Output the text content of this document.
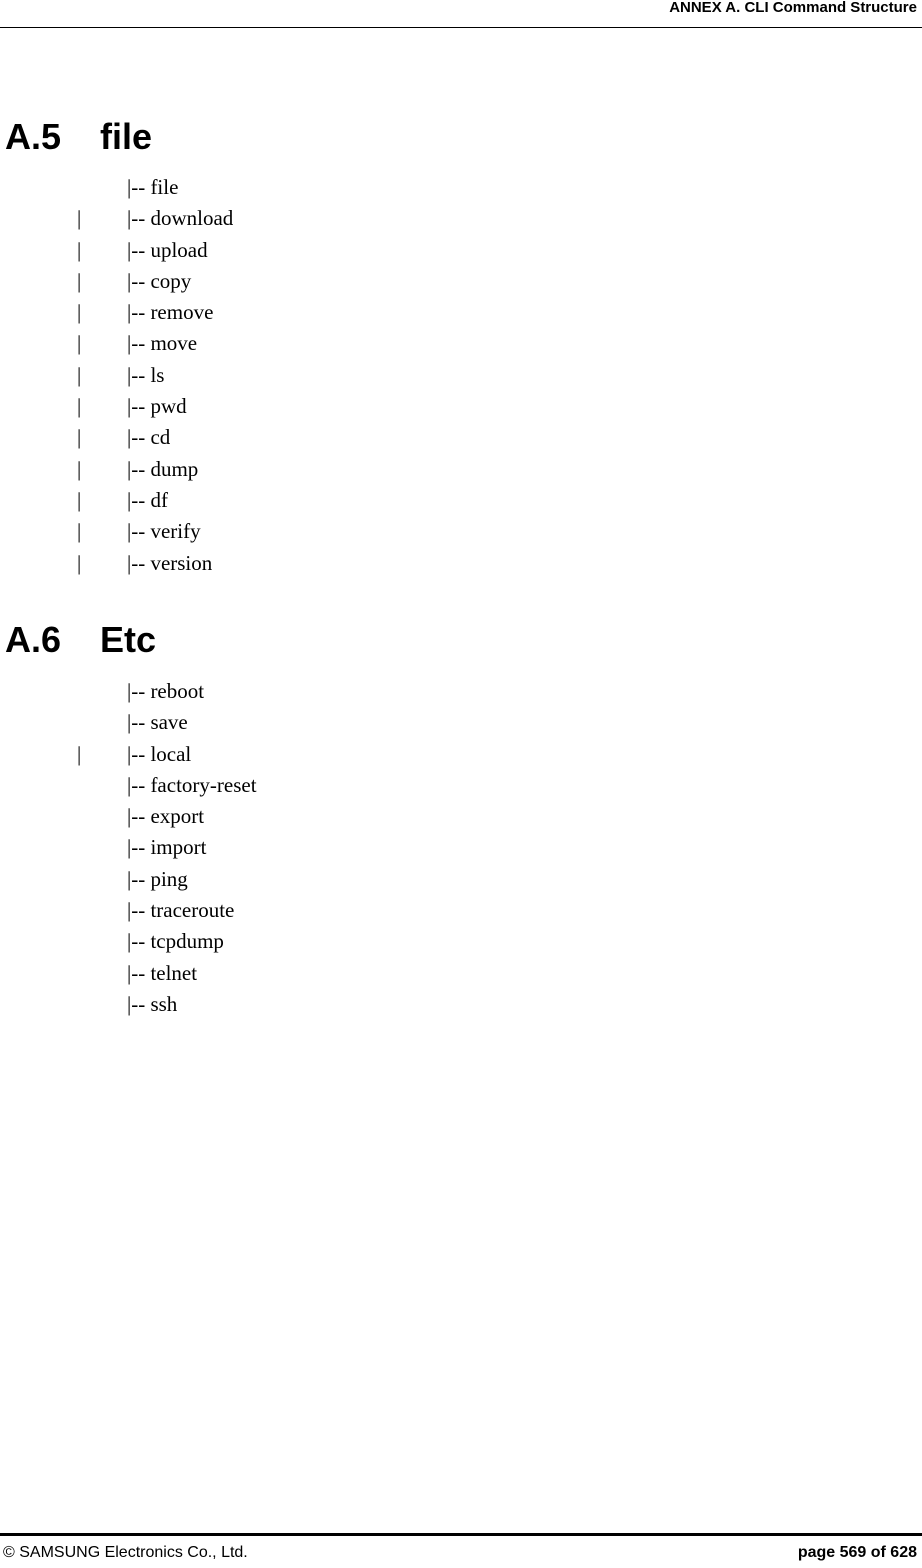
ANNEX A. CLI Command Structure
A.5 file
|-- file
| |-- download
| |-- upload
| |-- copy
| |-- remove
| |-- move
| |-- ls
| |-- pwd
| |-- cd
| |-- dump
| |-- df
| |-- verify
| |-- version
A.6 Etc
|-- reboot
|-- save
| |-- local
|-- factory-reset
|-- export
|-- import
|-- ping
|-- traceroute
|-- tcpdump
|-- telnet
|-- ssh
© SAMSUNG Electronics Co., Ltd.	page 569 of 628
